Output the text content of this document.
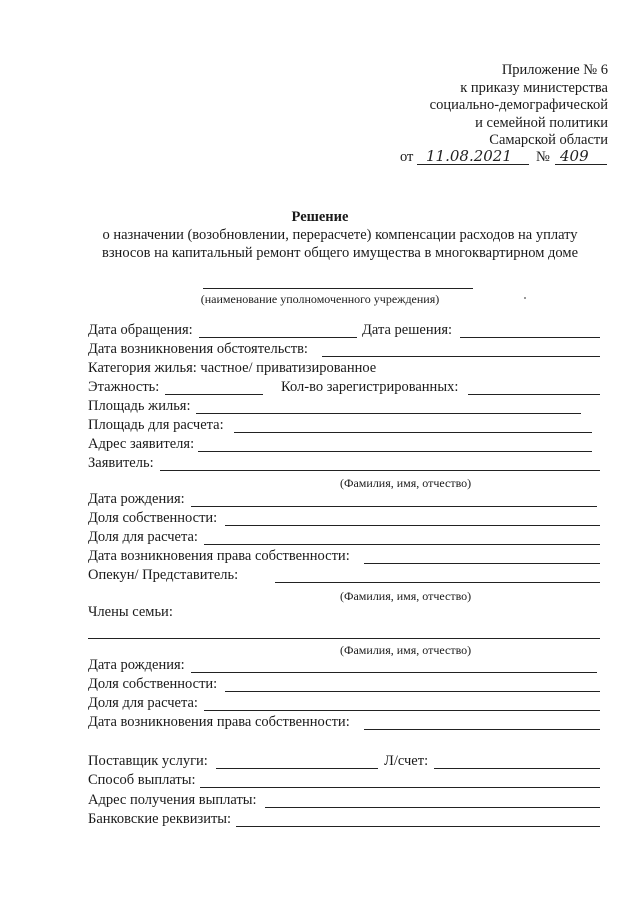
Приложение № 6
к приказу министерства
социально-демографической
и семейной политики
Самарской области
от 11.08.2021 № 409
Решение
о назначении (возобновлении, перерасчете) компенсации расходов на уплату
взносов на капитальный ремонт общего имущества в многоквартирном доме
(наименование уполномоченного учреждения)
Дата обращения:	Дата решения:
Дата возникновения обстоятельств:
Категория жилья: частное/ приватизированное
Этажность:	Кол-во зарегистрированных:
Площадь жилья:
Площадь для расчета:
Адрес заявителя:
Заявитель:
(Фамилия, имя, отчество)
Дата рождения:
Доля собственности:
Доля для расчета:
Дата возникновения права собственности:
Опекун/ Представитель:
(Фамилия, имя, отчество)
Члены семьи:
(Фамилия, имя, отчество)
Дата рождения:
Доля собственности:
Доля для расчета:
Дата возникновения права собственности:
Поставщик услуги:	Л/счет:
Способ выплаты:
Адрес получения выплаты:
Банковские реквизиты:
